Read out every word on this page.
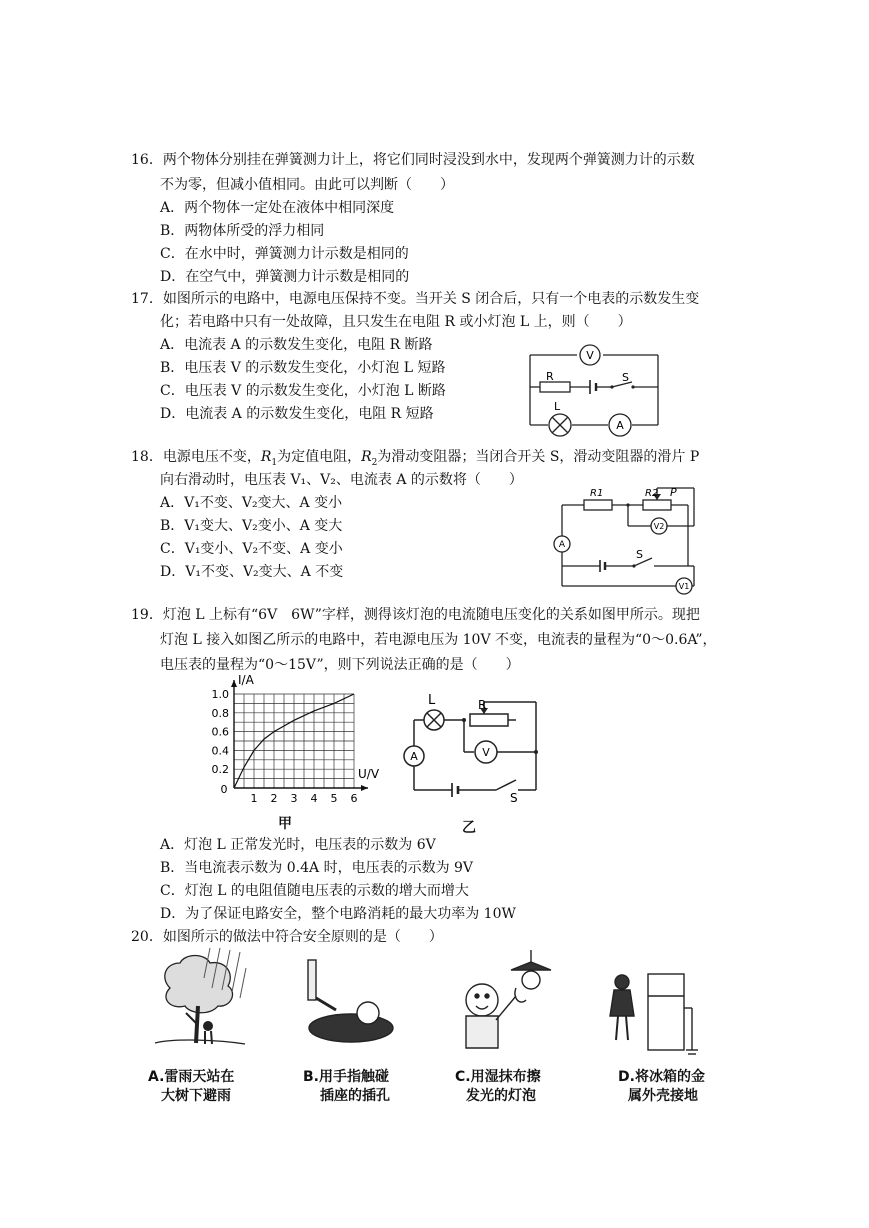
16．两个物体分别挂在弹簧测力计上，将它们同时浸没到水中，发现两个弹簧测力计的示数
不为零，但减小值相同。由此可以判断（　　）
A．两个物体一定处在液体中相同深度
B．两物体所受的浮力相同
C．在水中时，弹簧测力计示数是相同的
D．在空气中，弹簧测力计示数是相同的
17．如图所示的电路中，电源电压保持不变。当开关 S 闭合后，只有一个电表的示数发生变
化；若电路中只有一处故障，且只发生在电阻 R 或小灯泡 L 上，则（　　）
A．电流表 A 的示数发生变化，电阻 R 断路
B．电压表 V 的示数发生变化，小灯泡 L 短路
C．电压表 V 的示数发生变化，小灯泡 L 断路
D．电流表 A 的示数发生变化，电阻 R 短路
V
R	S
L
A
18．电源电压不变，$R_1$为定值电阻，$R_2$为滑动变阻器；当闭合开关 S，滑动变阻器的滑片 P
向右滑动时，电压表 V₁、V₂、电流表 A 的示数将（　　）
A．V₁不变、V₂变大、A 变小
B．V₁变大、V₂变小、A 变大
C．V₁变小、V₂不变、A 变小
D．V₁不变、V₂变大、A 不变
R1	R2 P
V2
A
S
V1
19．灯泡 L 上标有“6V　6W”字样，测得该灯泡的电流随电压变化的关系如图甲所示。现把
灯泡 L 接入如图乙所示的电路中，若电源电压为 10V 不变，电流表的量程为“0～0.6A”，
电压表的量程为“0～15V”，则下列说法正确的是（　　）
1 2 3 4 5 6
0
0.2
0.4
0.6
0.8
1.0
I/A
U/V
甲
L	R
A	V
S
乙
A．灯泡 L 正常发光时，电压表的示数为 6V
B．当电流表示数为 0.4A 时，电压表的示数为 9V
C．灯泡 L 的电阻值随电压表的示数的增大而增大
D．为了保证电路安全，整个电路消耗的最大功率为 10W
20．如图所示的做法中符合安全原则的是（　　）
A.雷雨天站在
大树下避雨
B.用手指触碰
插座的插孔
C.用湿抹布擦
发光的灯泡
D.将冰箱的金
属外壳接地
